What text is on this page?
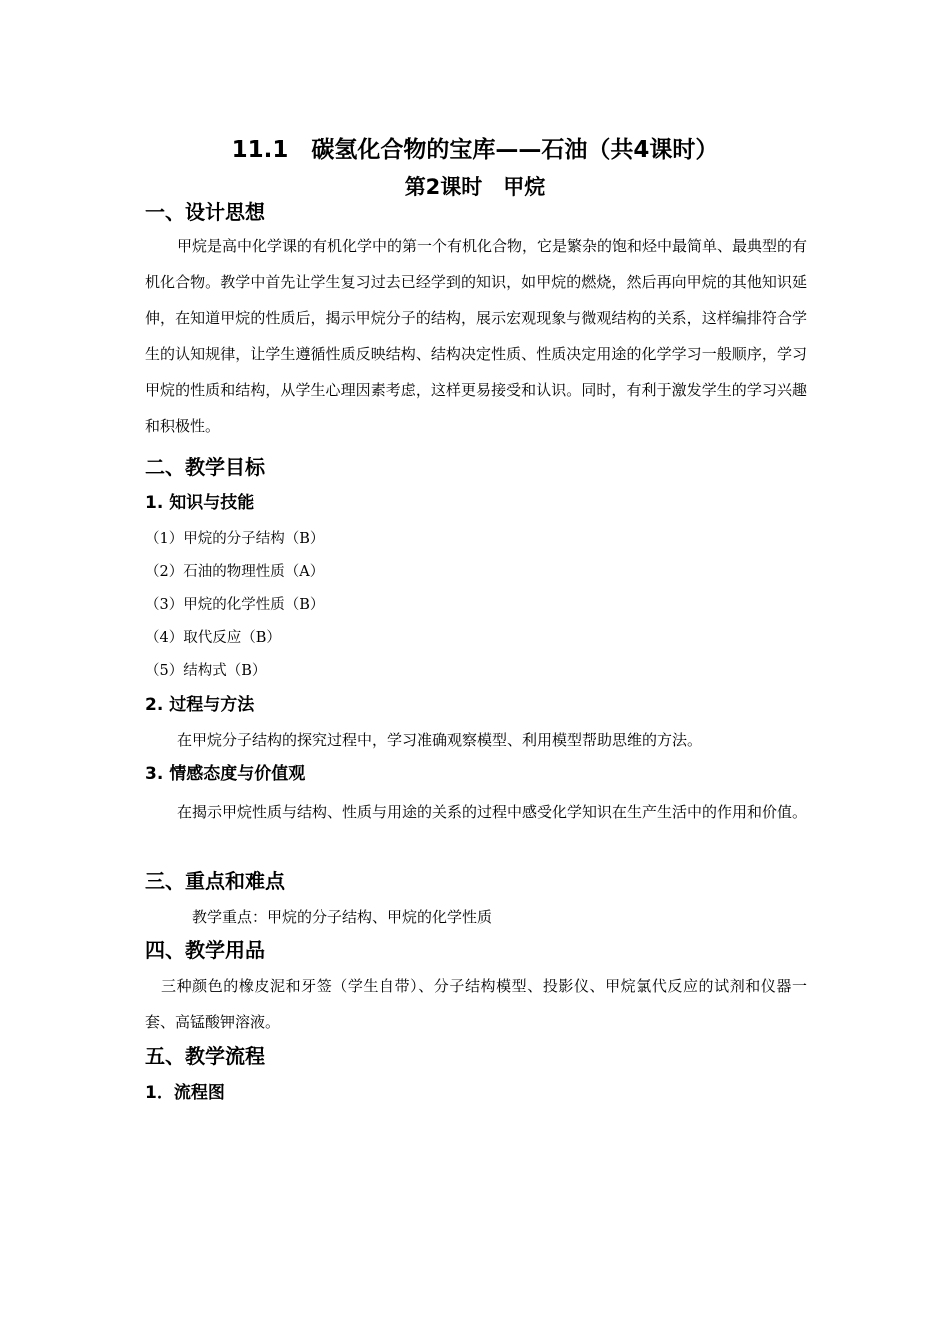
11.1　碳氢化合物的宝库——石油（共4课时）
第2课时　甲烷
一、设计思想
甲烷是高中化学课的有机化学中的第一个有机化合物，它是繁杂的饱和烃中最简单、最典型的有机化合物。教学中首先让学生复习过去已经学到的知识，如甲烷的燃烧，然后再向甲烷的其他知识延伸，在知道甲烷的性质后，揭示甲烷分子的结构，展示宏观现象与微观结构的关系，这样编排符合学生的认知规律，让学生遵循性质反映结构、结构决定性质、性质决定用途的化学学习一般顺序，学习甲烷的性质和结构，从学生心理因素考虑，这样更易接受和认识。同时，有利于激发学生的学习兴趣和积极性。
二、教学目标
1. 知识与技能
（1）甲烷的分子结构（B）
（2）石油的物理性质（A）
（3）甲烷的化学性质（B）
（4）取代反应（B）
（5）结构式（B）
2. 过程与方法
在甲烷分子结构的探究过程中，学习准确观察模型、利用模型帮助思维的方法。
3. 情感态度与价值观
在揭示甲烷性质与结构、性质与用途的关系的过程中感受化学知识在生产生活中的作用和价值。
三、重点和难点
教学重点：甲烷的分子结构、甲烷的化学性质
四、教学用品
三种颜色的橡皮泥和牙签（学生自带）、分子结构模型、投影仪、甲烷氯代反应的试剂和仪器一套、高锰酸钾溶液。
五、教学流程
1．流程图
